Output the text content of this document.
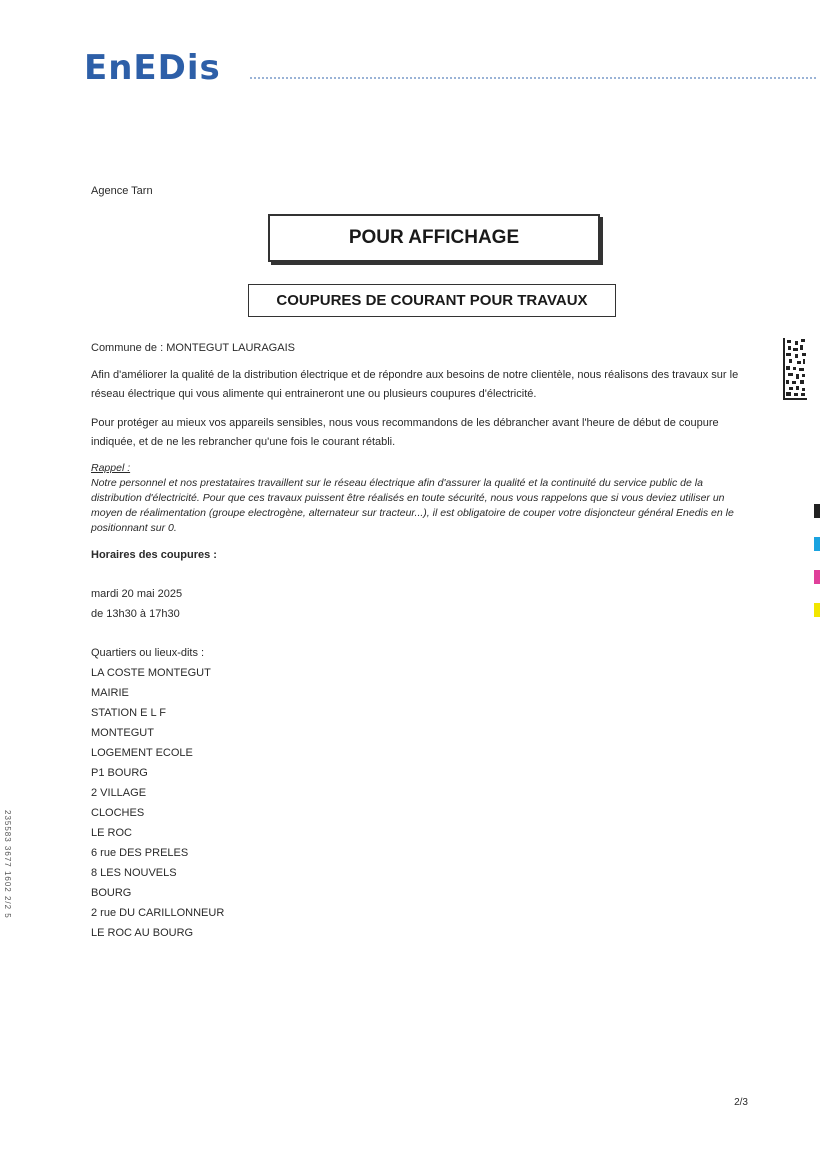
EnEDis
Agence Tarn
POUR AFFICHAGE
COUPURES DE COURANT POUR TRAVAUX
Commune de : MONTEGUT LAURAGAIS
Afin d'améliorer la qualité de la distribution électrique et de répondre aux besoins de notre clientèle, nous réalisons des travaux sur le réseau électrique qui vous alimente qui entraineront une ou plusieurs coupures d'électricité.
Pour protéger au mieux vos appareils sensibles, nous vous recommandons de les débrancher avant l'heure de début de coupure indiquée, et de ne les rebrancher qu'une fois le courant rétabli.
Rappel :
Notre personnel et nos prestataires travaillent sur le réseau électrique afin d'assurer la qualité et la continuité du service public de la distribution d'électricité. Pour que ces travaux puissent être réalisés en toute sécurité, nous vous rappelons que si vous deviez utiliser un moyen de réalimentation (groupe electrogène, alternateur sur tracteur...), il est obligatoire de couper votre disjoncteur général Enedis en le positionnant sur 0.
Horaires des coupures :
mardi 20 mai 2025
de 13h30 à 17h30
Quartiers ou lieux-dits :
LA COSTE MONTEGUT
MAIRIE
STATION E L F
MONTEGUT
LOGEMENT ECOLE
P1 BOURG
2 VILLAGE
CLOCHES
LE ROC
6 rue DES PRELES
8 LES NOUVELS
BOURG
2 rue DU CARILLONNEUR
LE ROC AU BOURG
2/3
235583 3677 1602 2/2 5
